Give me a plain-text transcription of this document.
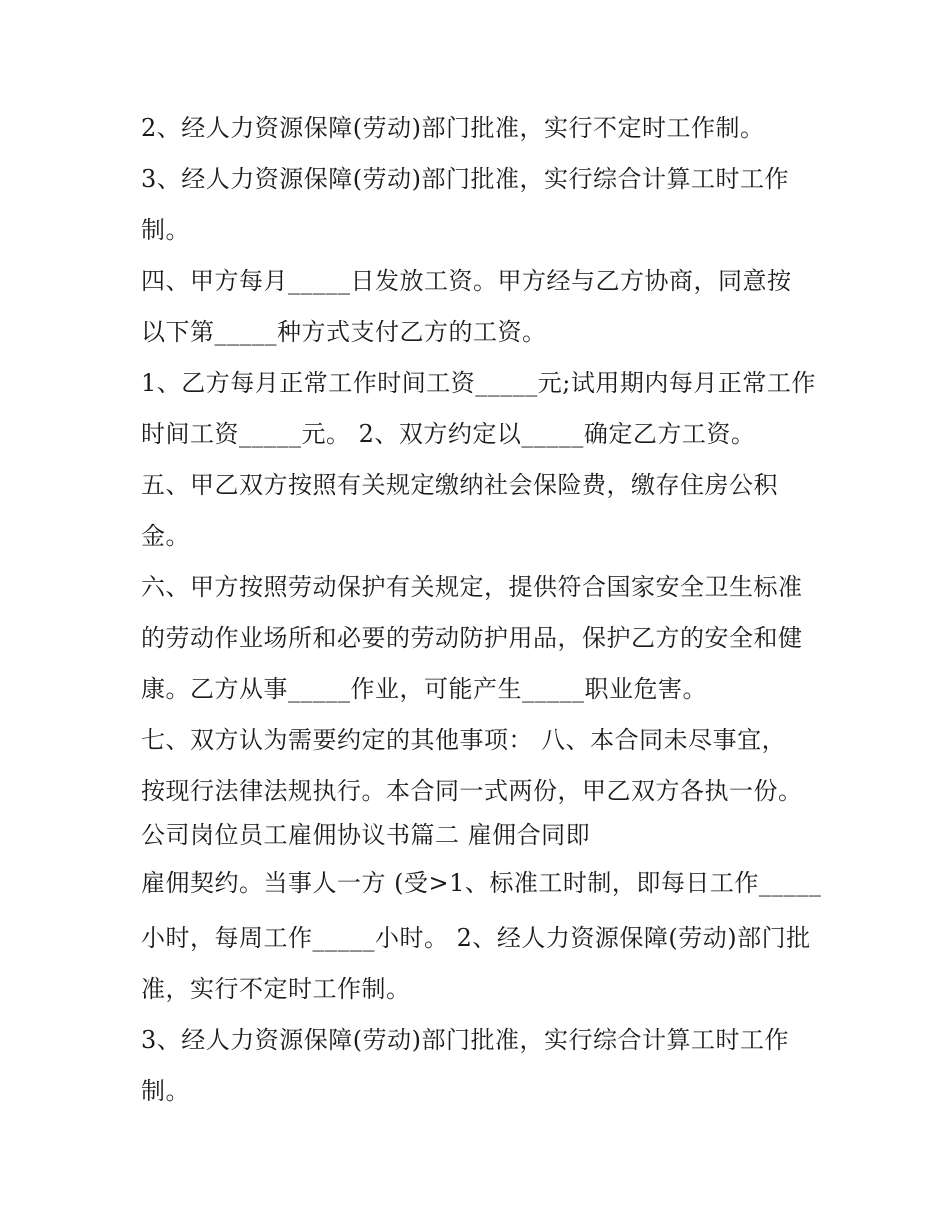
2、经人力资源保障(劳动)部门批准，实行不定时工作制。
3、经人力资源保障(劳动)部门批准，实行综合计算工时工作
制。
四、甲方每月_____日发放工资。甲方经与乙方协商，同意按
以下第_____种方式支付乙方的工资。
1、乙方每月正常工作时间工资_____元;试用期内每月正常工作
时间工资_____元。 2、双方约定以_____确定乙方工资。
五、甲乙双方按照有关规定缴纳社会保险费，缴存住房公积
金。
六、甲方按照劳动保护有关规定，提供符合国家安全卫生标准
的劳动作业场所和必要的劳动防护用品，保护乙方的安全和健
康。乙方从事_____作业，可能产生_____职业危害。
七、双方认为需要约定的其他事项： 八、本合同未尽事宜，
按现行法律法规执行。本合同一式两份，甲乙双方各执一份。
公司岗位员工雇佣协议书篇二 雇佣合同即
雇佣契约。当事人一方 (受>1、标准工时制，即每日工作_____
小时，每周工作_____小时。 2、经人力资源保障(劳动)部门批
准，实行不定时工作制。
3、经人力资源保障(劳动)部门批准，实行综合计算工时工作
制。
